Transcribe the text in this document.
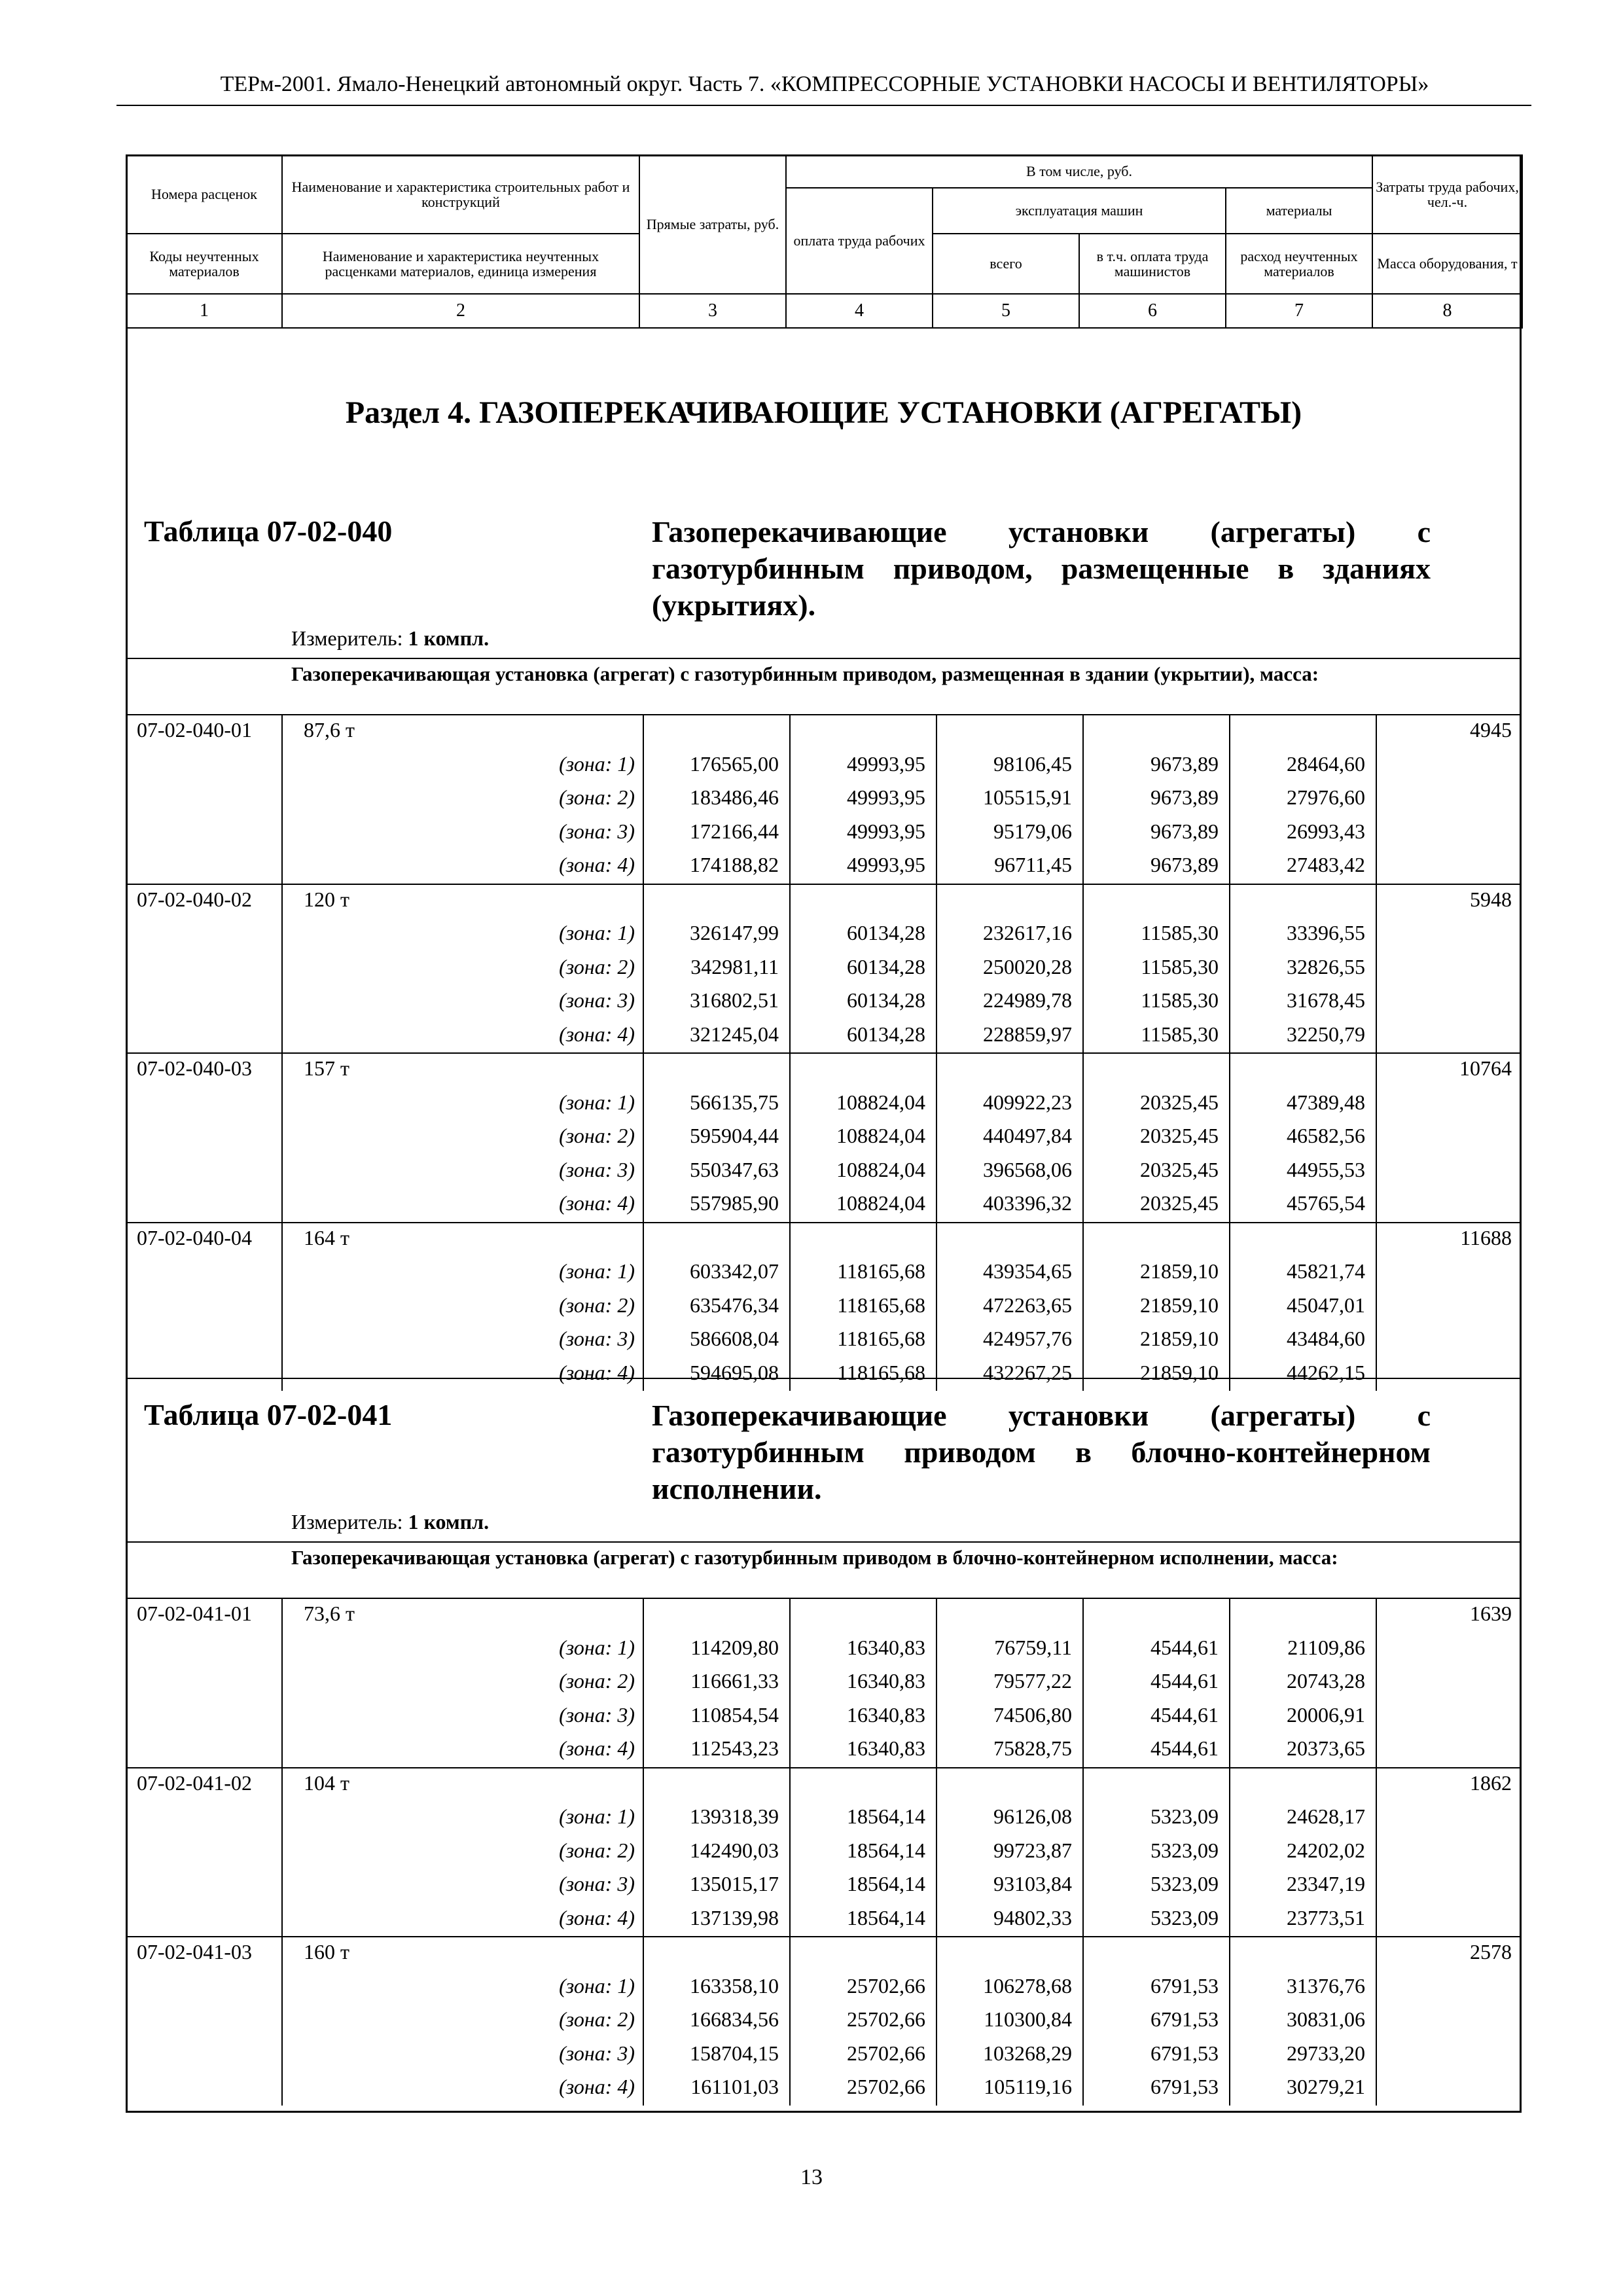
ТЕРм-2001. Ямало-Ненецкий автономный округ. Часть 7. «КОМПРЕССОРНЫЕ УСТАНОВКИ НАСОСЫ И ВЕНТИЛЯТОРЫ»
Номера расценок	Наименование и характеристика строительных работ и конструкций	Прямые затраты, руб.	В том числе, руб.				Затраты труда рабочих, чел.-ч.
			оплата труда рабочих	эксплуатация машин		материалы	
Коды неучтенных материалов	Наименование и характеристика неучтенных расценками материалов, единица измерения			всего	в т.ч. оплата труда машинистов	расход неучтенных материалов	Масса оборудования, т
1	2	3	4	5	6	7	8
Раздел 4. ГАЗОПЕРЕКАЧИВАЮЩИЕ УСТАНОВКИ (АГРЕГАТЫ)
Таблица 07-02-040	Газоперекачивающие установки (агрегаты) с газотурбинным приводом, размещенные в зданиях (укрытиях).
Измеритель: 1 компл.
Газоперекачивающая установка (агрегат) с газотурбинным приводом, размещенная в здании (укрытии), масса:
07-02-040-01 87,6 т	4945
(зона: 1)	176565,00	49993,95	98106,45	9673,89	28464,60
(зона: 2)	183486,46	49993,95	105515,91	9673,89	27976,60
(зона: 3)	172166,44	49993,95	95179,06	9673,89	26993,43
(зона: 4)	174188,82	49993,95	96711,45	9673,89	27483,42
07-02-040-02 120 т	5948
(зона: 1)	326147,99	60134,28	232617,16	11585,30	33396,55
(зона: 2)	342981,11	60134,28	250020,28	11585,30	32826,55
(зона: 3)	316802,51	60134,28	224989,78	11585,30	31678,45
(зона: 4)	321245,04	60134,28	228859,97	11585,30	32250,79
07-02-040-03 157 т	10764
(зона: 1)	566135,75	108824,04	409922,23	20325,45	47389,48
(зона: 2)	595904,44	108824,04	440497,84	20325,45	46582,56
(зона: 3)	550347,63	108824,04	396568,06	20325,45	44955,53
(зона: 4)	557985,90	108824,04	403396,32	20325,45	45765,54
07-02-040-04 164 т	11688
(зона: 1)	603342,07	118165,68	439354,65	21859,10	45821,74
(зона: 2)	635476,34	118165,68	472263,65	21859,10	45047,01
(зона: 3)	586608,04	118165,68	424957,76	21859,10	43484,60
(зона: 4)	594695,08	118165,68	432267,25	21859,10	44262,15
Таблица 07-02-041	Газоперекачивающие установки (агрегаты) с газотурбинным приводом в блочно-контейнерном исполнении.
Измеритель: 1 компл.
Газоперекачивающая установка (агрегат) с газотурбинным приводом в блочно-контейнерном исполнении, масса:
07-02-041-01 73,6 т	1639
(зона: 1)	114209,80	16340,83	76759,11	4544,61	21109,86
(зона: 2)	116661,33	16340,83	79577,22	4544,61	20743,28
(зона: 3)	110854,54	16340,83	74506,80	4544,61	20006,91
(зона: 4)	112543,23	16340,83	75828,75	4544,61	20373,65
07-02-041-02 104 т	1862
(зона: 1)	139318,39	18564,14	96126,08	5323,09	24628,17
(зона: 2)	142490,03	18564,14	99723,87	5323,09	24202,02
(зона: 3)	135015,17	18564,14	93103,84	5323,09	23347,19
(зона: 4)	137139,98	18564,14	94802,33	5323,09	23773,51
07-02-041-03 160 т	2578
(зона: 1)	163358,10	25702,66	106278,68	6791,53	31376,76
(зона: 2)	166834,56	25702,66	110300,84	6791,53	30831,06
(зона: 3)	158704,15	25702,66	103268,29	6791,53	29733,20
(зона: 4)	161101,03	25702,66	105119,16	6791,53	30279,21
13
